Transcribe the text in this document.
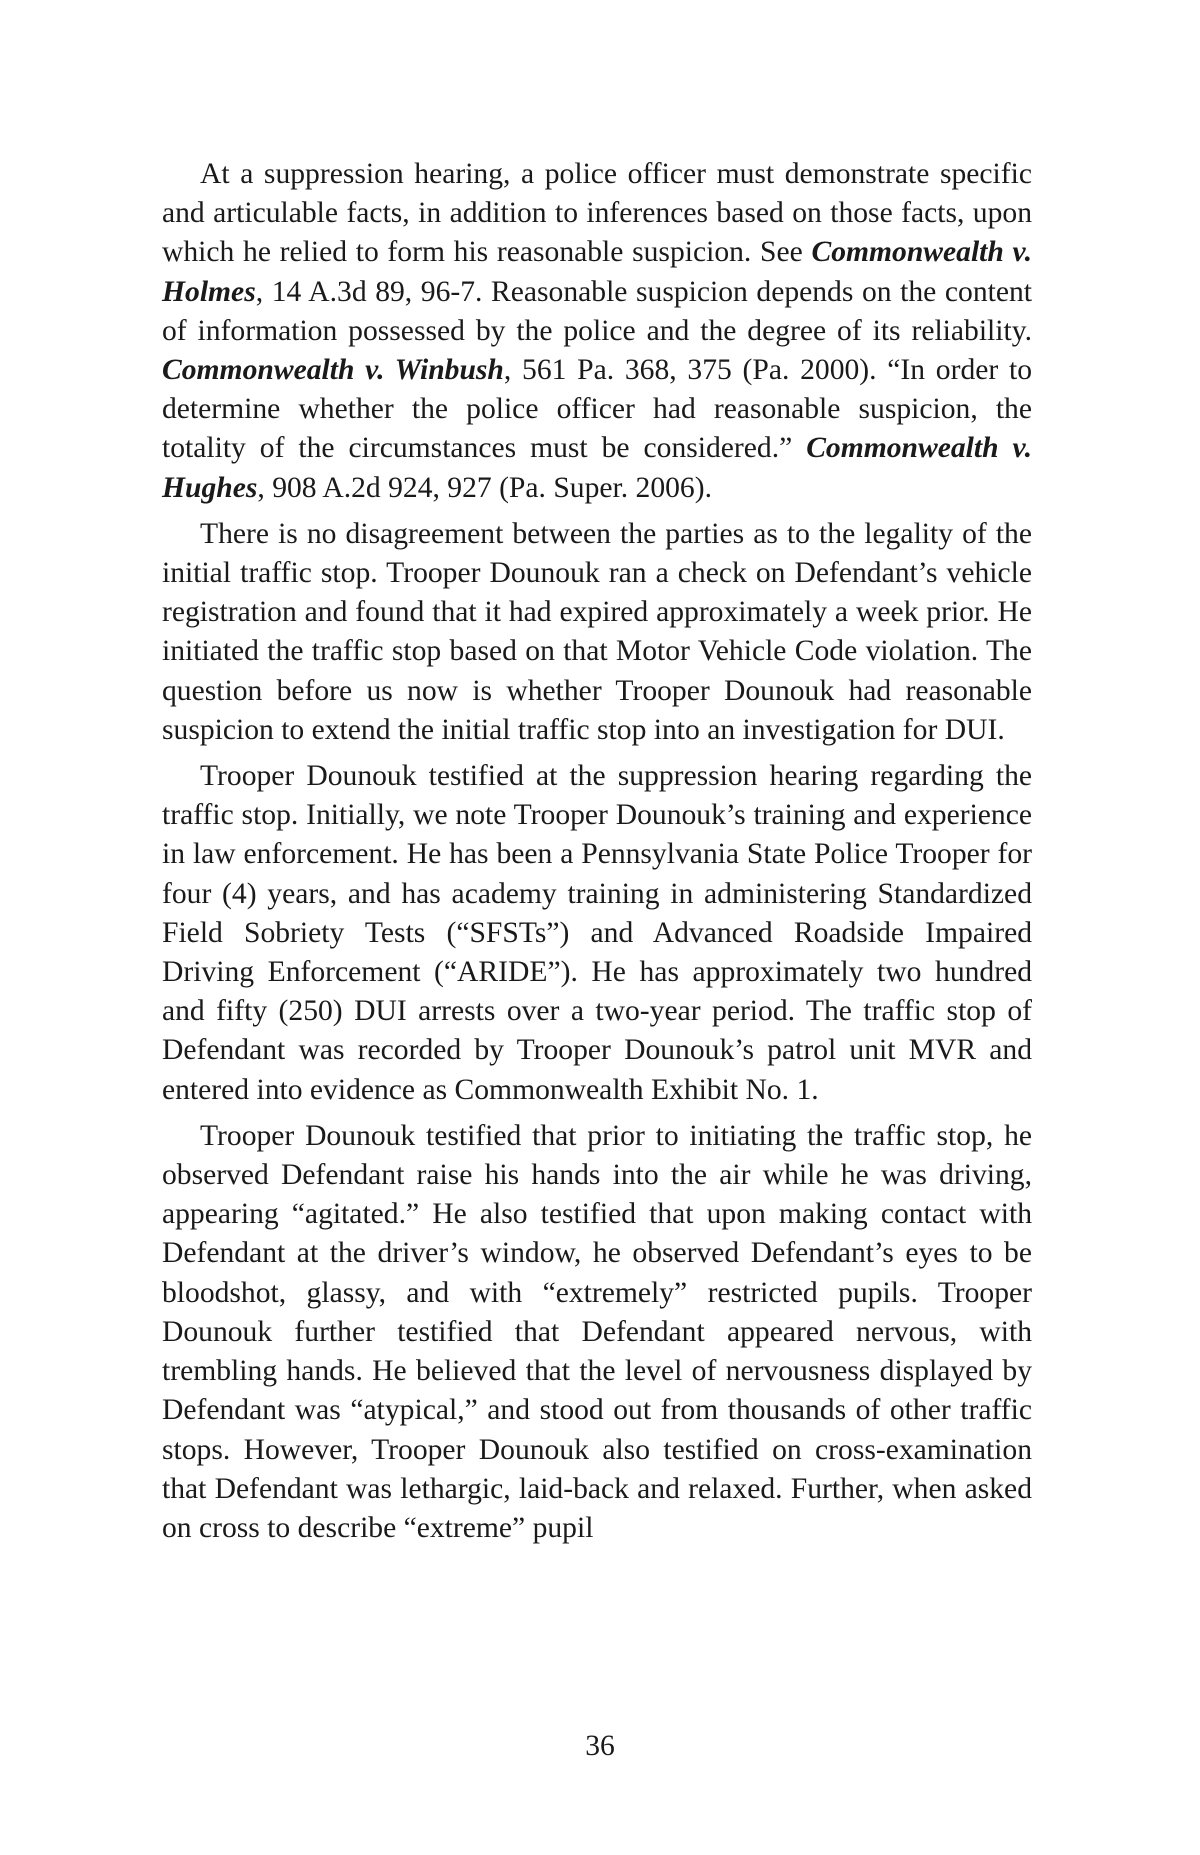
At a suppression hearing, a police officer must demonstrate specific and articulable facts, in addition to inferences based on those facts, upon which he relied to form his reasonable suspicion. See Commonwealth v. Holmes, 14 A.3d 89, 96-7. Reasonable suspicion depends on the content of information possessed by the police and the degree of its reliability. Commonwealth v. Winbush, 561 Pa. 368, 375 (Pa. 2000). “In order to determine whether the police officer had reasonable suspicion, the totality of the circumstances must be considered.” Commonwealth v. Hughes, 908 A.2d 924, 927 (Pa. Super. 2006).

There is no disagreement between the parties as to the legality of the initial traffic stop. Trooper Dounouk ran a check on Defendant’s vehicle registration and found that it had expired approximately a week prior. He initiated the traffic stop based on that Motor Vehicle Code violation. The question before us now is whether Trooper Dounouk had reasonable suspicion to extend the initial traffic stop into an investigation for DUI.

Trooper Dounouk testified at the suppression hearing regarding the traffic stop. Initially, we note Trooper Dounouk’s training and experience in law enforcement. He has been a Pennsylvania State Police Trooper for four (4) years, and has academy training in administering Standardized Field Sobriety Tests (“SFSTs”) and Advanced Roadside Impaired Driving Enforcement (“ARIDE”). He has approximately two hundred and fifty (250) DUI arrests over a two-year period. The traffic stop of Defendant was recorded by Trooper Dounouk’s patrol unit MVR and entered into evidence as Commonwealth Exhibit No. 1.

Trooper Dounouk testified that prior to initiating the traffic stop, he observed Defendant raise his hands into the air while he was driving, appearing “agitated.” He also testified that upon making contact with Defendant at the driver’s window, he observed Defendant’s eyes to be bloodshot, glassy, and with “extremely” restricted pupils. Trooper Dounouk further testified that Defendant appeared nervous, with trembling hands. He believed that the level of nervousness displayed by Defendant was “atypical,” and stood out from thousands of other traffic stops. However, Trooper Dounouk also testified on cross-examination that Defendant was lethargic, laid-back and relaxed. Further, when asked on cross to describe “extreme” pupil

36
